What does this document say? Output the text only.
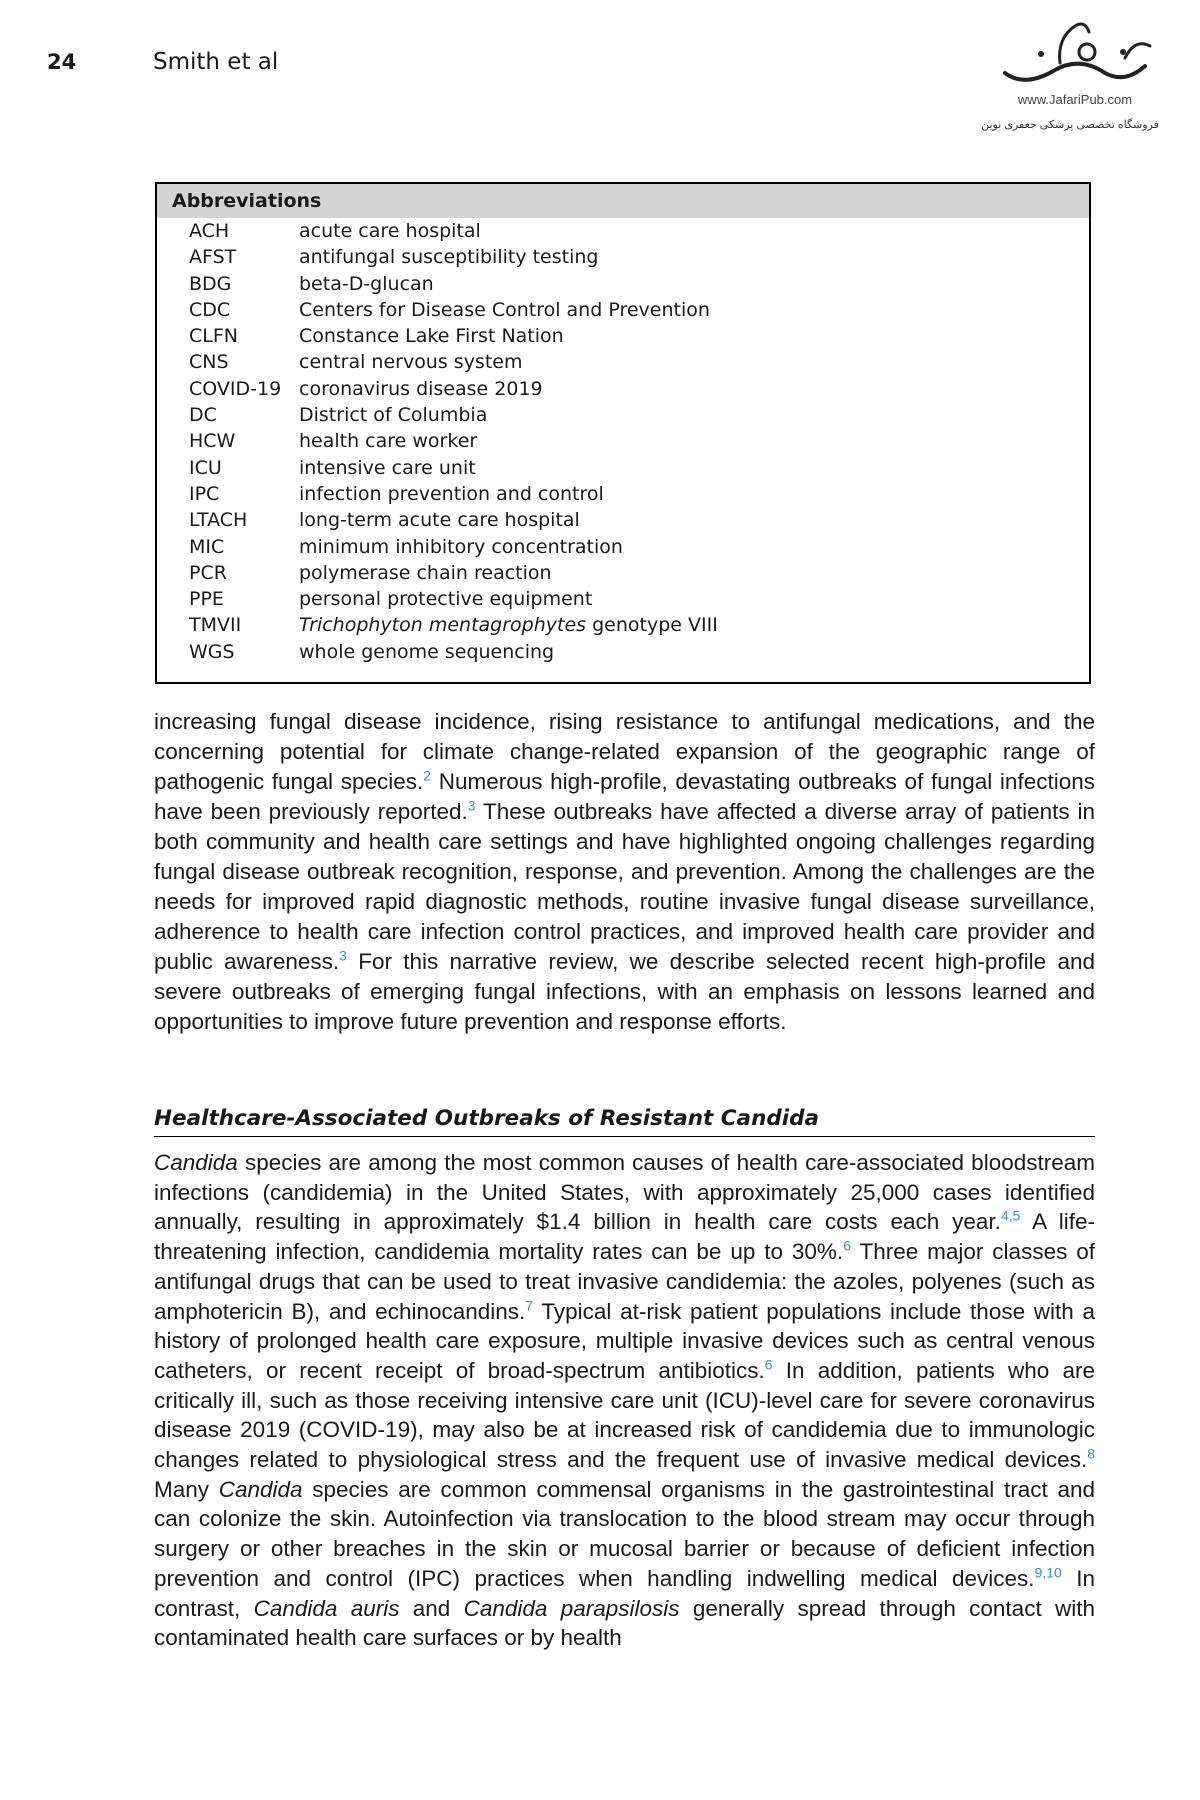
24	Smith et al
www.JafariPub.com
فروشگاه تخصصی پزشکی جعفری نوین
Abbreviations
ACH	acute care hospital
AFST	antifungal susceptibility testing
BDG	beta-D-glucan
CDC	Centers for Disease Control and Prevention
CLFN	Constance Lake First Nation
CNS	central nervous system
COVID-19 coronavirus disease 2019
DC	District of Columbia
HCW	health care worker
ICU	intensive care unit
IPC	infection prevention and control
LTACH	long-term acute care hospital
MIC	minimum inhibitory concentration
PCR	polymerase chain reaction
PPE	personal protective equipment
TMVII	Trichophyton mentagrophytes genotype VIII
WGS	whole genome sequencing

increasing fungal disease incidence, rising resistance to antifungal medications, and the concerning potential for climate change-related expansion of the geographic range of pathogenic fungal species.$^2$ Numerous high-profile, devastating outbreaks of fungal infections have been previously reported.$^3$ These outbreaks have affected a diverse array of patients in both community and health care settings and have highlighted ongoing challenges regarding fungal disease outbreak recognition, response, and prevention. Among the challenges are the needs for improved rapid diagnostic methods, routine invasive fungal disease surveillance, adherence to health care infection control practices, and improved health care provider and public awareness.$^3$ For this narrative review, we describe selected recent high-profile and severe outbreaks of emerging fungal infections, with an emphasis on lessons learned and opportunities to improve future prevention and response efforts.

Healthcare-Associated Outbreaks of Resistant Candida

Candida species are among the most common causes of health care-associated bloodstream infections (candidemia) in the United States, with approximately 25,000 cases identified annually, resulting in approximately $1.4 billion in health care costs each year.$^{4,5}$ A life-threatening infection, candidemia mortality rates can be up to 30%.$^6$ Three major classes of antifungal drugs that can be used to treat invasive candidemia: the azoles, polyenes (such as amphotericin B), and echinocandins.$^7$ Typical at-risk patient populations include those with a history of prolonged health care exposure, multiple invasive devices such as central venous catheters, or recent receipt of broad-spectrum antibiotics.$^6$ In addition, patients who are critically ill, such as those receiving intensive care unit (ICU)-level care for severe coronavirus disease 2019 (COVID-19), may also be at increased risk of candidemia due to immunologic changes related to physiological stress and the frequent use of invasive medical devices.$^8$ Many Candida species are common commensal organisms in the gastrointestinal tract and can colonize the skin. Autoinfection via translocation to the blood stream may occur through surgery or other breaches in the skin or mucosal barrier or because of deficient infection prevention and control (IPC) practices when handling indwelling medical devices.$^{9,10}$ In contrast, Candida auris and Candida parapsilosis generally spread through contact with contaminated health care surfaces or by health
